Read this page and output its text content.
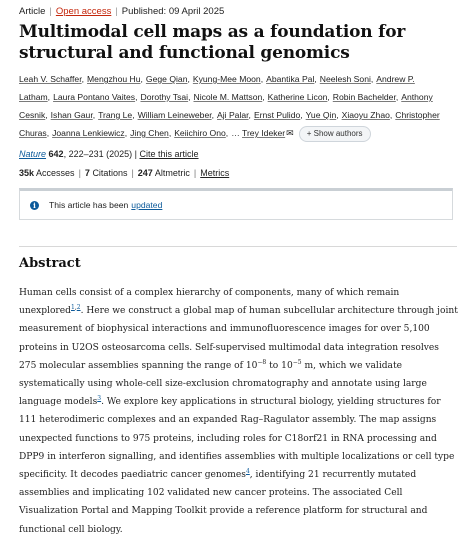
Article | Open access | Published: 09 April 2025
Multimodal cell maps as a foundation for structural and functional genomics
Leah V. Schaffer, Mengzhou Hu, Gege Qian, Kyung-Mee Moon, Abantika Pal, Neelesh Soni, Andrew P. Latham, Laura Pontano Vaites, Dorothy Tsai, Nicole M. Mattson, Katherine Licon, Robin Bachelder, Anthony Cesnik, Ishan Gaur, Trang Le, William Leineweber, Aji Palar, Ernst Pulido, Yue Qin, Xiaoyu Zhao, Christopher Churas, Joanna Lenkiewicz, Jing Chen, Keiichiro Ono, … Trey Ideker✉ + Show authors
Nature 642, 222–231 (2025) | Cite this article
35k Accesses | 7 Citations | 247 Altmetric | Metrics
i	This article has been updated
Abstract

Human cells consist of a complex hierarchy of components, many of which remain unexplored$^{1,2}$. Here we construct a global map of human subcellular architecture through joint measurement of biophysical interactions and immunofluorescence images for over 5,100 proteins in U2OS osteosarcoma cells. Self-supervised multimodal data integration resolves 275 molecular assemblies spanning the range of $10^{-8}$ to $10^{-5}$ m, which we validate systematically using whole-cell size-exclusion chromatography and annotate using large language models$^3$. We explore key applications in structural biology, yielding structures for 111 heterodimeric complexes and an expanded Rag–Ragulator assembly. The map assigns unexpected functions to 975 proteins, including roles for C18orf21 in RNA processing and DPP9 in interferon signalling, and identifies assemblies with multiple localizations or cell type specificity. It decodes paediatric cancer genomes$^4$, identifying 21 recurrently mutated assemblies and implicating 102 validated new cancer proteins. The associated Cell Visualization Portal and Mapping Toolkit provide a reference platform for structural and functional cell biology.
